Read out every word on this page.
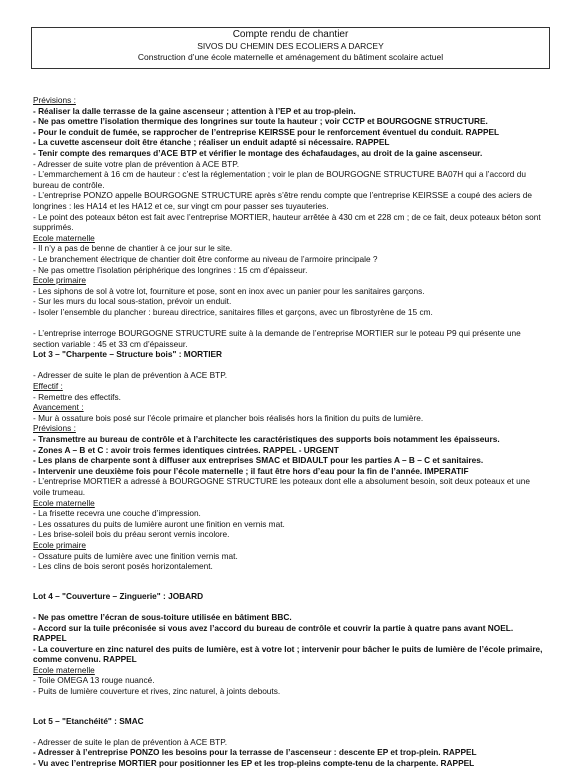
Compte rendu de chantier
SIVOS DU CHEMIN DES ECOLIERS A DARCEY
Construction d’une école maternelle et aménagement du bâtiment scolaire actuel
Prévisions :
- Réaliser la dalle terrasse de la gaine ascenseur ; attention à l’EP et au trop-plein.
- Ne pas omettre l’isolation thermique des longrines sur toute la hauteur ; voir CCTP et BOURGOGNE STRUCTURE.
- Pour le conduit de fumée, se rapprocher de l’entreprise KEIRSSE pour le renforcement éventuel du conduit. RAPPEL
- La cuvette ascenseur doit être étanche ; réaliser un enduit adapté si nécessaire. RAPPEL
- Tenir compte des remarques d’ACE BTP et vérifier le montage des échafaudages, au droit de la gaine ascenseur.
- Adresser de suite votre plan de prévention à ACE BTP.
- L’emmarchement à 16 cm de hauteur : c’est la réglementation ; voir le plan de BOURGOGNE STRUCTURE BA07H qui a l’accord du bureau de contrôle.
- L’entreprise PONZO appelle BOURGOGNE STRUCTURE après s’être rendu compte que l’entreprise KEIRSSE a coupé des aciers de longrines : les HA14 et les HA12 et ce, sur vingt cm pour passer ses tuyauteries.
- Le point des poteaux béton est fait avec l’entreprise MORTIER, hauteur arrêtée à 430 cm et 228 cm ; de ce fait, deux poteaux béton sont supprimés.
Ecole maternelle
- Il n’y a pas de benne de chantier à ce jour sur le site.
- Le branchement électrique de chantier doit être conforme au niveau de l’armoire principale ?
- Ne pas omettre l’isolation périphérique des longrines : 15 cm d’épaisseur.
Ecole primaire
- Les siphons de sol à votre lot, fourniture et pose, sont en inox avec un panier pour les sanitaires garçons.
- Sur les murs du local sous-station, prévoir un enduit.
- Isoler l’ensemble du plancher : bureau directrice, sanitaires filles et garçons, avec un fibrostyrène de 15 cm.
- L’entreprise interroge BOURGOGNE STRUCTURE suite à la demande de l’entreprise MORTIER sur le poteau P9 qui présente une section variable : 45 et 33 cm d’épaisseur.
Lot 3 – "Charpente – Structure bois" : MORTIER
- Adresser de suite le plan de prévention à ACE BTP.
Effectif :
- Remettre des effectifs.
Avancement :
- Mur à ossature bois posé sur l’école primaire et plancher bois réalisés hors la finition du puits de lumière.
Prévisions :
- Transmettre au bureau de contrôle et à l’architecte les caractéristiques des supports bois notamment les épaisseurs.
- Zones A – B et C : avoir trois fermes identiques cintrées. RAPPEL - URGENT
- Les plans de charpente sont à diffuser aux entreprises SMAC et BIDAULT pour les parties A – B – C et sanitaires.
- Intervenir une deuxième fois pour l’école maternelle ; il faut être hors d’eau pour la fin de l’année. IMPERATIF
- L’entreprise MORTIER a adressé à BOURGOGNE STRUCTURE les poteaux dont elle a absolument besoin, soit deux poteaux et une voile trumeau.
Ecole maternelle
- La frisette recevra une couche d’impression.
- Les ossatures du puits de lumière auront une finition en vernis mat.
- Les brise-soleil bois du préau seront vernis incolore.
Ecole primaire
- Ossature puits de lumière avec une finition vernis mat.
- Les clins de bois seront posés horizontalement.
Lot 4 – "Couverture – Zinguerie" : JOBARD
- Ne pas omettre l’écran de sous-toiture utilisée en bâtiment BBC.
- Accord sur la tuile préconisée si vous avez l’accord du bureau de contrôle et couvrir la partie à quatre pans avant NOEL. RAPPEL
- La couverture en zinc naturel des puits de lumière, est à votre lot ; intervenir pour bâcher le puits de lumière de l’école primaire, comme convenu. RAPPEL
Ecole maternelle
- Toile OMEGA 13 rouge nuancé.
- Puits de lumière couverture et rives, zinc naturel, à joints debouts.
Lot 5 – "Etanchéité" : SMAC
- Adresser de suite le plan de prévention à ACE BTP.
- Adresser à l’entreprise PONZO les besoins pour la terrasse de l’ascenseur : descente EP et trop-plein. RAPPEL
- Vu avec l’entreprise MORTIER pour positionner les EP et les trop-pleins compte-tenu de la charpente. RAPPEL
